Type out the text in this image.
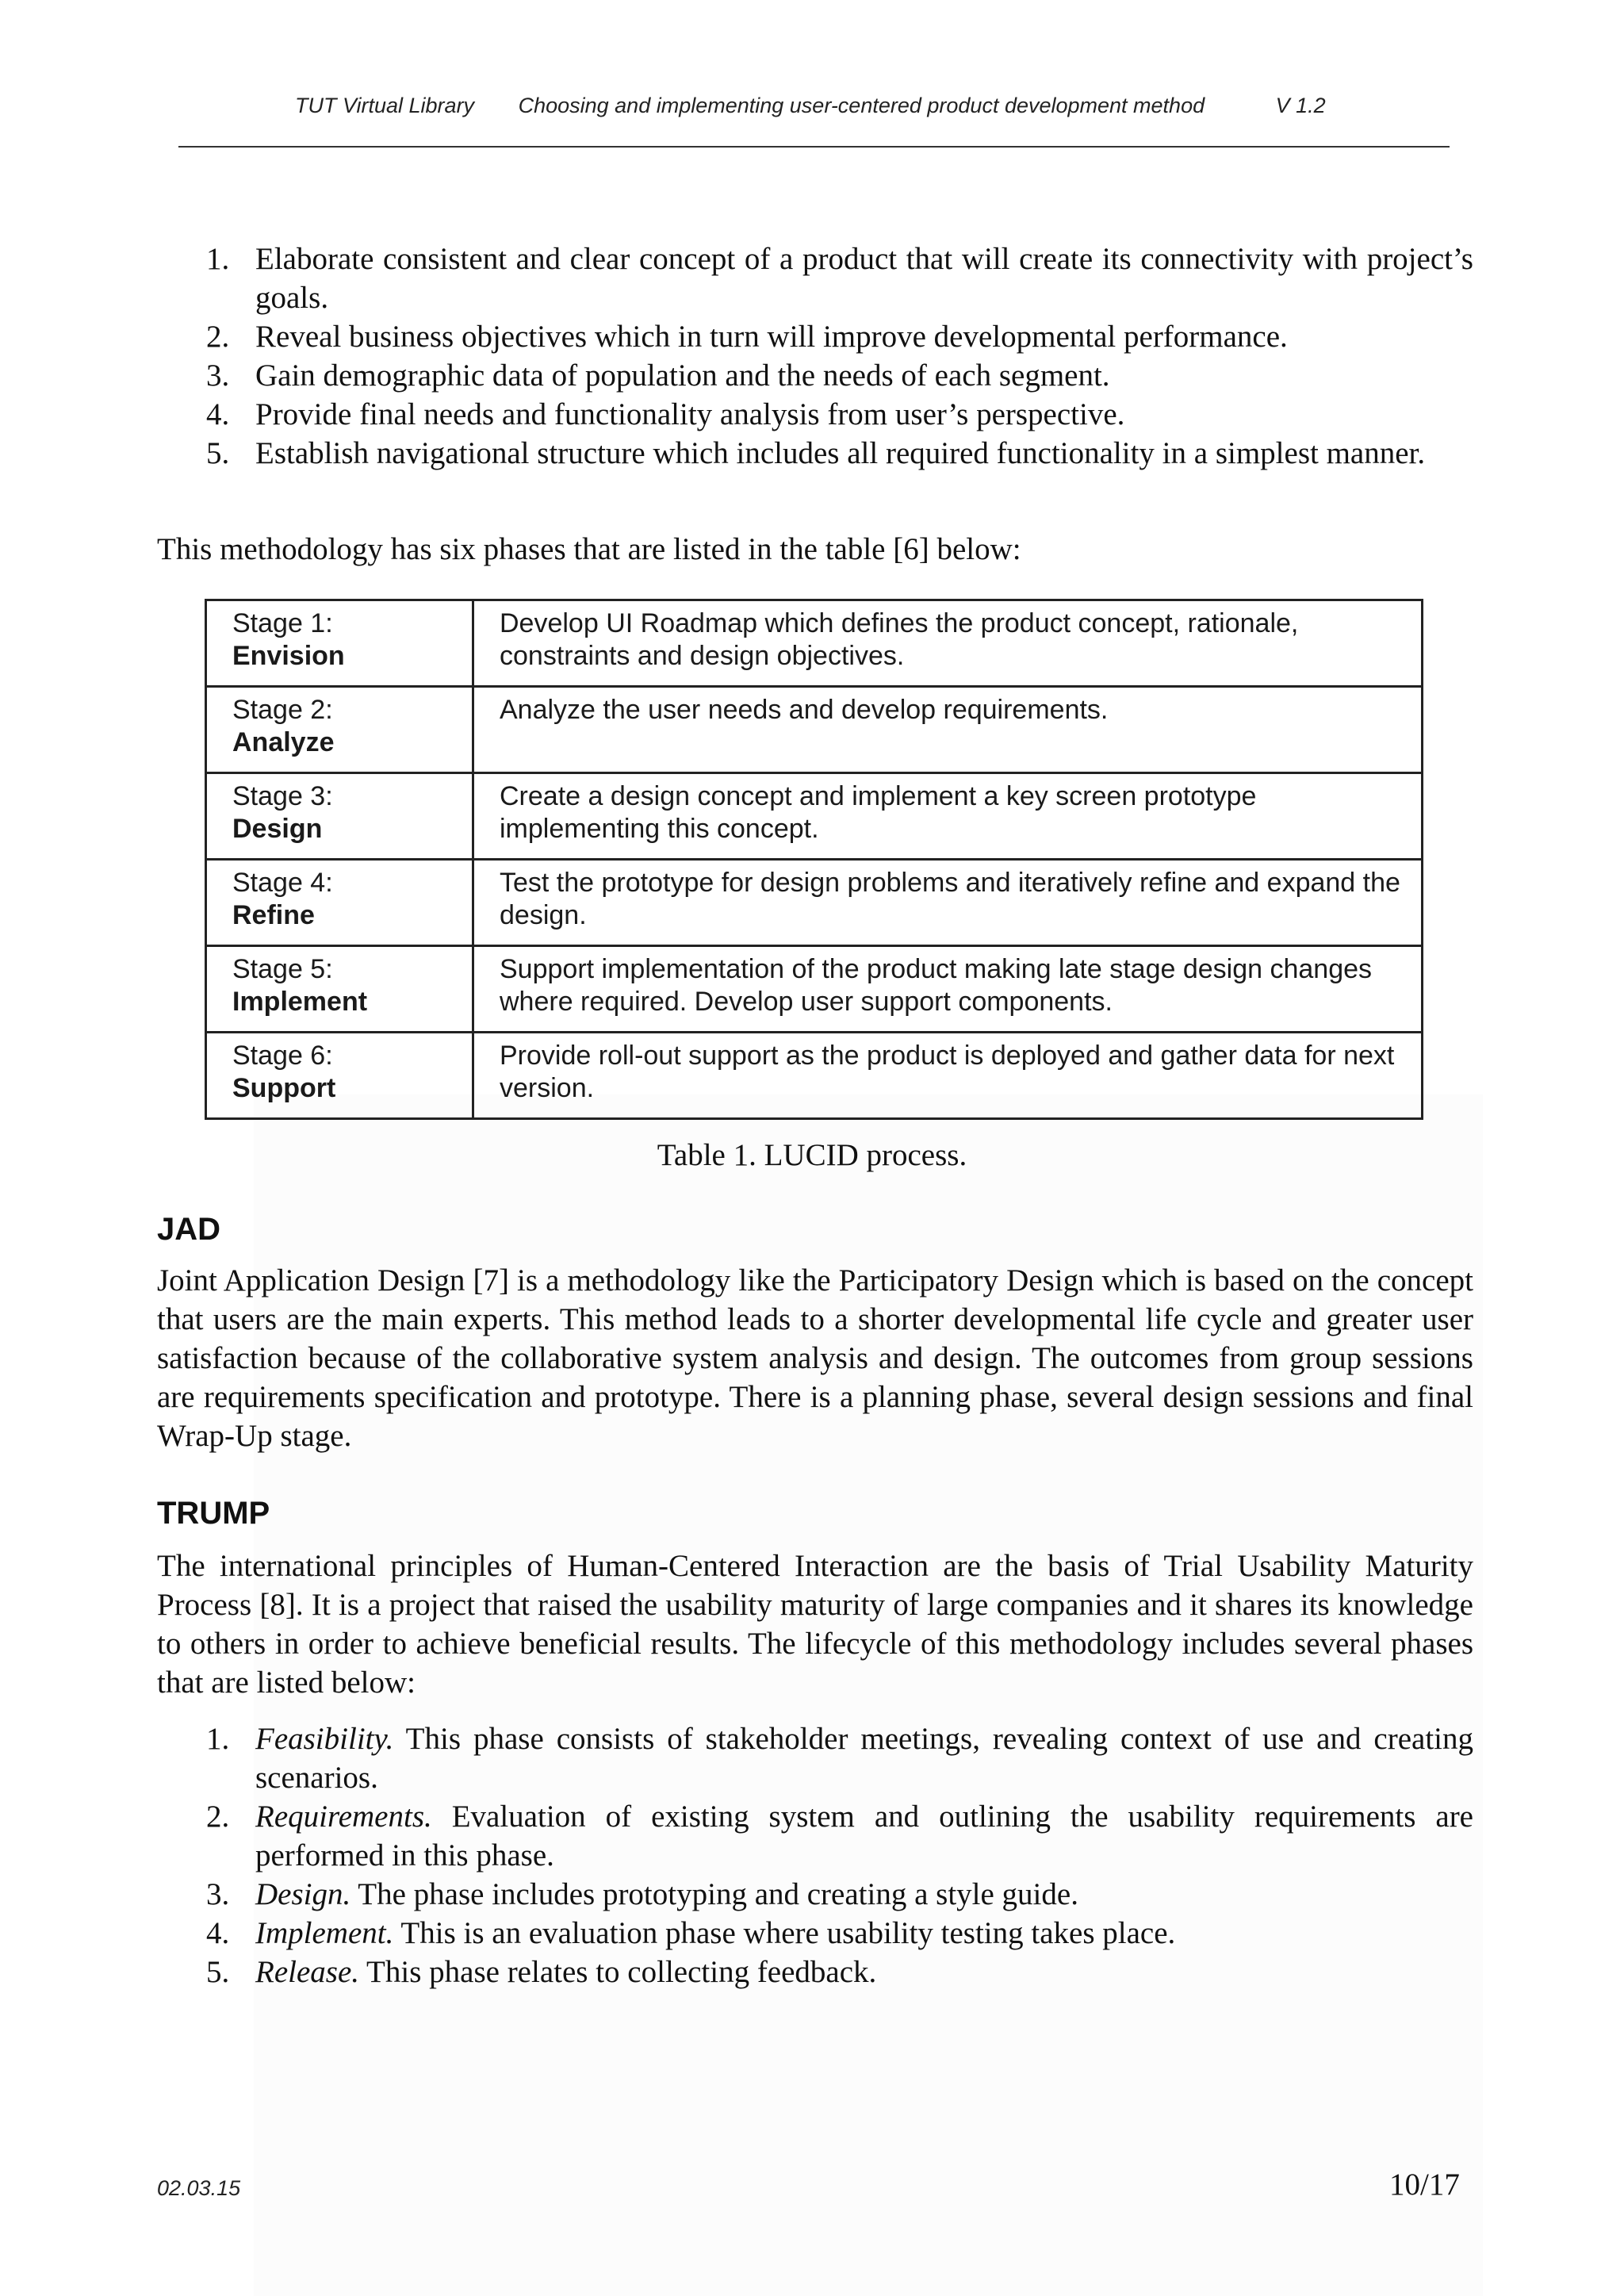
TUT Virtual Library Choosing and implementing user-centered product development method	V 1.2
1. Elaborate consistent and clear concept of a product that will create its connectivity with project’s goals.
2. Reveal business objectives which in turn will improve developmental performance.
3. Gain demographic data of population and the needs of each segment.
4. Provide final needs and functionality analysis from user’s perspective.
5. Establish navigational structure which includes all required functionality in a simplest manner.

This methodology has six phases that are listed in the table [6] below:

Stage 1:
Envision	Develop UI Roadmap which defines the product concept, rationale, constraints and design objectives.

Stage 2:
Analyze	Analyze the user needs and develop requirements.

Stage 3:
Design	Create a design concept and implement a key screen prototype implementing this concept.

Stage 4:
Refine	Test the prototype for design problems and iteratively refine and expand the design.

Stage 5:
Implement	Support implementation of the product making late stage design changes where required. Develop user support components.

Stage 6:
Support	Provide roll-out support as the product is deployed and gather data for next version.
Table 1. LUCID process.
JAD

Joint Application Design [7] is a methodology like the Participatory Design which is based on the concept that users are the main experts. This method leads to a shorter developmental life cycle and greater user satisfaction because of the collaborative system analysis and design. The outcomes from group sessions are requirements specification and prototype. There is a planning phase, several design sessions and final Wrap-Up stage.

TRUMP

The international principles of Human-Centered Interaction are the basis of Trial Usability Maturity Process [8]. It is a project that raised the usability maturity of large companies and it shares its knowledge to others in order to achieve beneficial results. The lifecycle of this methodology includes several phases that are listed below:

1. Feasibility. This phase consists of stakeholder meetings, revealing context of use and creating scenarios.
2. Requirements. Evaluation of existing system and outlining the usability requirements are performed in this phase.
3. Design. The phase includes prototyping and creating a style guide.
4. Implement. This is an evaluation phase where usability testing takes place.
5. Release. This phase relates to collecting feedback.
02.03.15	10/17
